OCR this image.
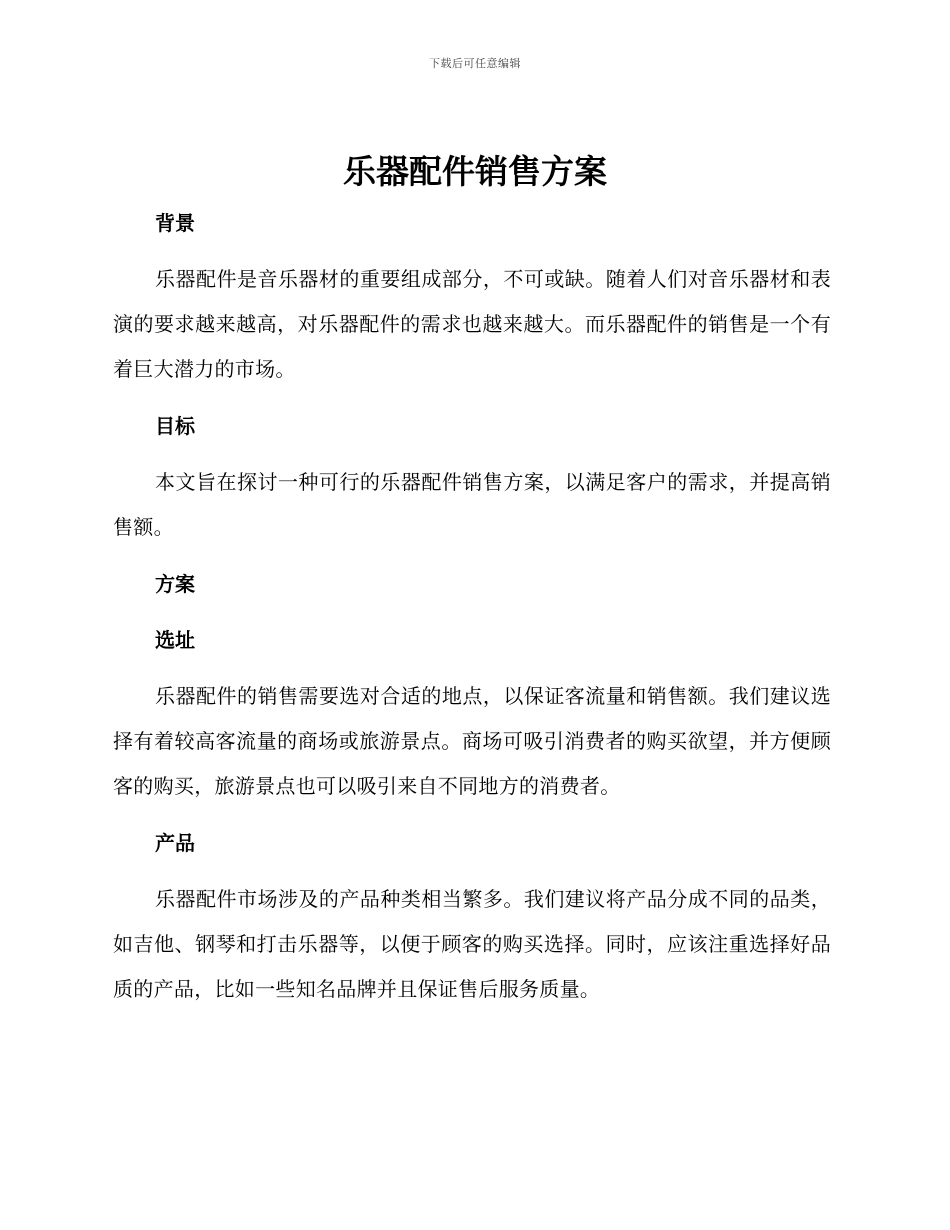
下载后可任意编辑
乐器配件销售方案
背景

乐器配件是音乐器材的重要组成部分，不可或缺。随着人们对音乐器材和表演的要求越来越高，对乐器配件的需求也越来越大。而乐器配件的销售是一个有着巨大潜力的市场。

目标

本文旨在探讨一种可行的乐器配件销售方案，以满足客户的需求，并提高销售额。

方案
选址

乐器配件的销售需要选对合适的地点，以保证客流量和销售额。我们建议选择有着较高客流量的商场或旅游景点。商场可吸引消费者的购买欲望，并方便顾客的购买，旅游景点也可以吸引来自不同地方的消费者。

产品

乐器配件市场涉及的产品种类相当繁多。我们建议将产品分成不同的品类，如吉他、钢琴和打击乐器等，以便于顾客的购买选择。同时，应该注重选择好品质的产品，比如一些知名品牌并且保证售后服务质量。
